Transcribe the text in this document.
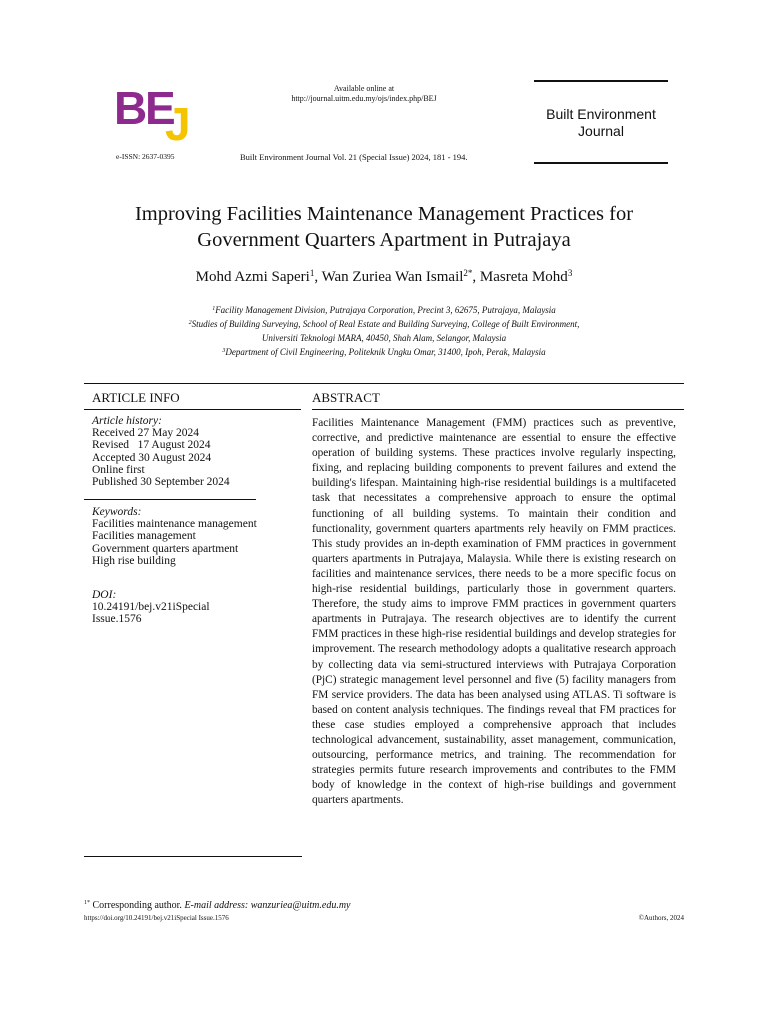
B
E
J
e-ISSN: 2637-0395
Available online at
http://journal.uitm.edu.my/ojs/index.php/BEJ
Built Environment Journal Vol. 21 (Special Issue) 2024, 181 - 194.
Built Environment Journal
Improving Facilities Maintenance Management Practices for
Government Quarters Apartment in Putrajaya
Mohd Azmi Saperi$^1$, Wan Zuriea Wan Ismail$^{2*}$, Masreta Mohd$^3$
$^1$Facility Management Division, Putrajaya Corporation, Precint 3, 62675, Putrajaya, Malaysia
$^2$Studies of Building Surveying, School of Real Estate and Building Surveying, College of Built Environment,
Universiti Teknologi MARA, 40450, Shah Alam, Selangor, Malaysia
$^3$Department of Civil Engineering, Politeknik Ungku Omar, 31400, Ipoh, Perak, Malaysia
ARTICLE INFO	ABSTRACT
Article history:
Received 27 May 2024
Revised   17 August 2024
Accepted 30 August 2024
Online first
Published 30 September 2024
Keywords:
Facilities maintenance management
Facilities management
Government quarters apartment
High rise building
DOI:
10.24191/bej.v21iSpecial
Issue.1576
Facilities Maintenance Management (FMM) practices such as preventive, corrective, and predictive maintenance are essential to ensure the effective operation of building systems. These practices involve regularly inspecting, fixing, and replacing building components to prevent failures and extend the building's lifespan. Maintaining high-rise residential buildings is a multifaceted task that necessitates a comprehensive approach to ensure the optimal functioning of all building systems. To maintain their condition and functionality, government quarters apartments rely heavily on FMM practices. This study provides an in-depth examination of FMM practices in government quarters apartments in Putrajaya, Malaysia. While there is existing research on facilities and maintenance services, there needs to be a more specific focus on high-rise residential buildings, particularly those in government quarters. Therefore, the study aims to improve FMM practices in government quarters apartments in Putrajaya. The research objectives are to identify the current FMM practices in these high-rise residential buildings and develop strategies for improvement. The research methodology adopts a qualitative research approach by collecting data via semi-structured interviews with Putrajaya Corporation (PjC) strategic management level personnel and five (5) facility managers from FM service providers. The data has been analysed using ATLAS. Ti software is based on content analysis techniques. The findings reveal that FM practices for these case studies employed a comprehensive approach that includes technological advancement, sustainability, asset management, communication, outsourcing, performance metrics, and training. The recommendation for strategies permits future research improvements and contributes to the FMM body of knowledge in the context of high-rise buildings and government quarters apartments.
$^{1*}$ Corresponding author. E-mail address: wanzuriea@uitm.edu.my
https://doi.org/10.24191/bej.v21iSpecial Issue.1576	©Authors, 2024
